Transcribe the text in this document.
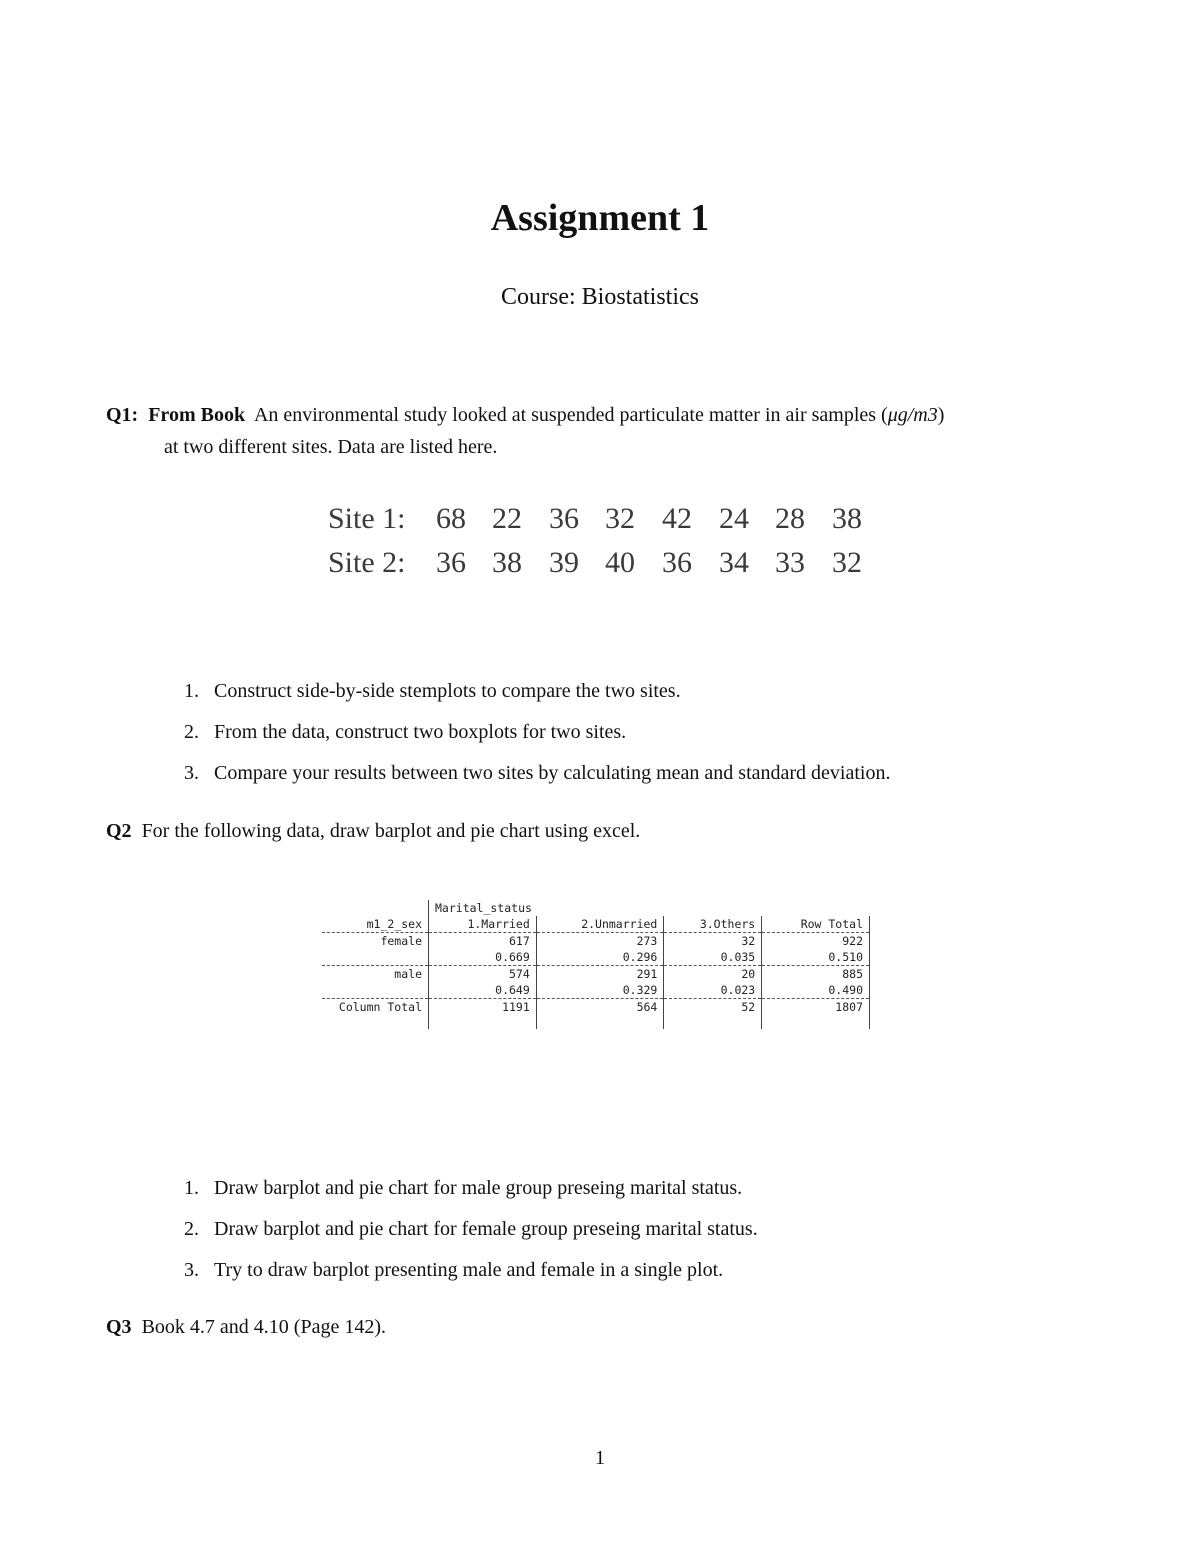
Assignment 1
Course: Biostatistics
Q1: From Book An environmental study looked at suspended particulate matter in air samples (μg/m3)
at two different sites. Data are listed here.
Site 1: 68 22 36 32 42 24 28 38
Site 2: 36 38 39 40 36 34 33 32
1. Construct side-by-side stemplots to compare the two sites.
2. From the data, construct two boxplots for two sites.
3. Compare your results between two sites by calculating mean and standard deviation.
Q2 For the following data, draw barplot and pie chart using excel.
	Marital_status			
m1_2_sex	1.Married	2.Unmarried	3.Others	Row Total

female	617	273	32	922
	0.669	0.296	0.035	0.510

male	574	291	20	885
	0.649	0.329	0.023	0.490

Column Total	1191	564	52	1807

1. Draw barplot and pie chart for male group preseing marital status.
2. Draw barplot and pie chart for female group preseing marital status.
3. Try to draw barplot presenting male and female in a single plot.
Q3 Book 4.7 and 4.10 (Page 142).
1
